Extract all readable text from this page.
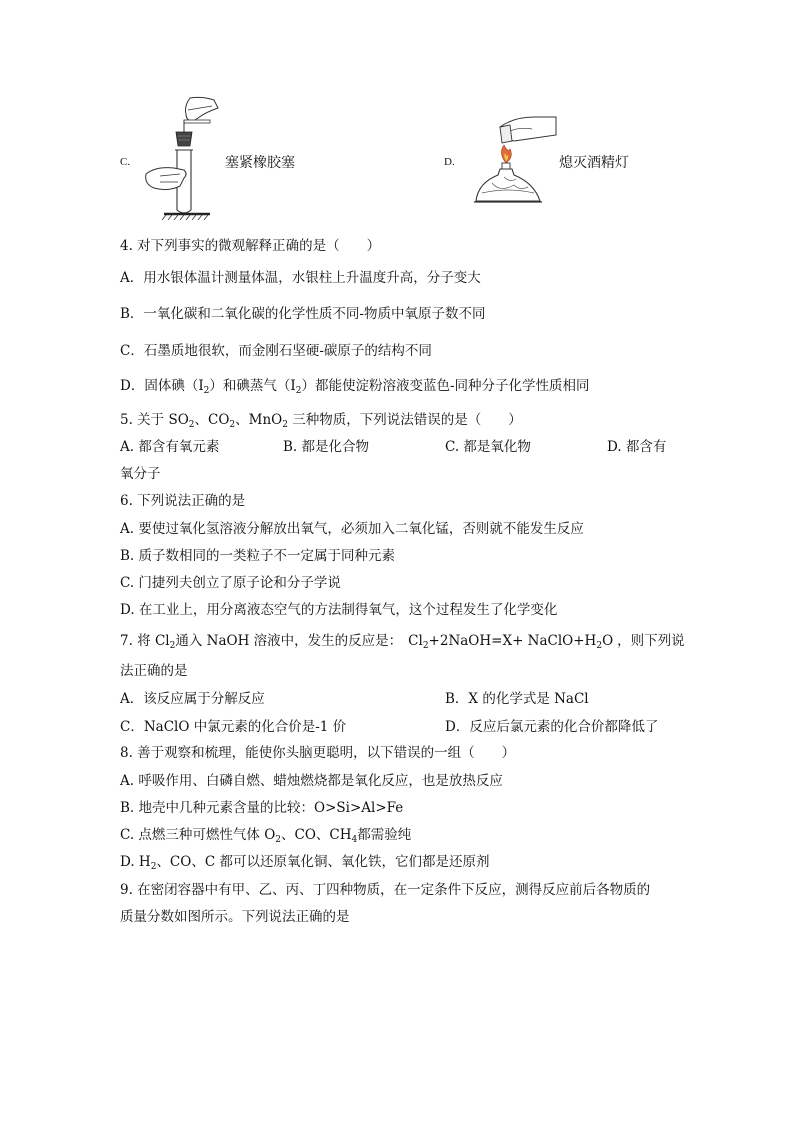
C.	塞紧橡胶塞	D.	熄灭酒精灯
4. 对下列事实的微观解释正确的是（　　）
A．用水银体温计测量体温，水银柱上升温度升高，分子变大
B．一氧化碳和二氧化碳的化学性质不同-物质中氧原子数不同
C．石墨质地很软，而金刚石坚硬-碳原子的结构不同
D．固体碘$(I_2)$和碘蒸气$(I_2)$都能使淀粉溶液变蓝色-同种分子化学性质相同
5. 关于 $SO_2$、$CO_2$、MnO$_2$ 三种物质，下列说法错误的是（　　）
A. 都含有氧元素	B. 都是化合物	C. 都是氧化物	D. 都含有
氧分子
6. 下列说法正确的是
A. 要使过氧化氢溶液分解放出氧气，必须加入二氧化锰，否则就不能发生反应
B. 质子数相同的一类粒子不一定属于同种元素
C. 门捷列夫创立了原子论和分子学说
D. 在工业上，用分离液态空气的方法制得氧气，这个过程发生了化学变化
7. 将 $Cl_2$通入 NaOH 溶液中，发生的反应是： $Cl_2+2NaOH=X+$ $NaClO+H_2O$ ，则下列说
法正确的是
A．该反应属于分解反应	B．X 的化学式是 NaCl
C．NaClO 中氯元素的化合价是-1 价	D．反应后氯元素的化合价都降低了
8. 善于观察和梳理，能使你头脑更聪明，以下错误的一组（　　）
A. 呼吸作用、白磷自燃、蜡烛燃烧都是氧化反应，也是放热反应
B. 地壳中几种元素含量的比较：O>Si>Al>Fe
C. 点燃三种可燃性气体 $O_2$、CO、$CH_4$都需验纯
D. $H_2$、CO、C 都可以还原氧化铜、氧化铁，它们都是还原剂
9. 在密闭容器中有甲、乙、丙、丁四种物质，在一定条件下反应，测得反应前后各物质的
质量分数如图所示。下列说法正确的是
